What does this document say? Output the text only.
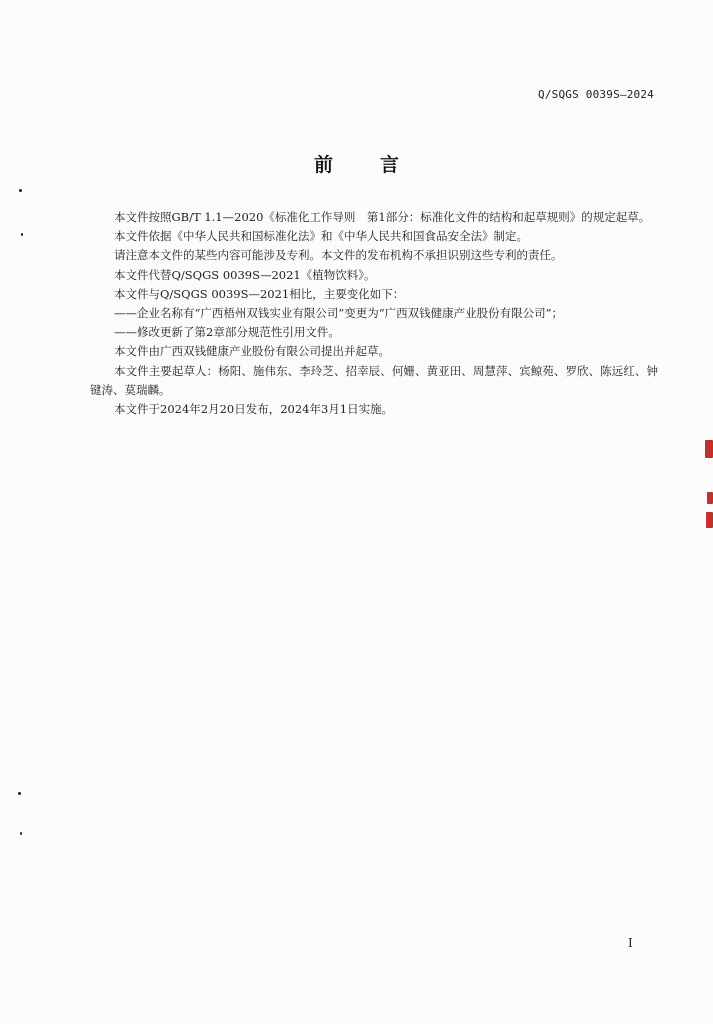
Q/SQGS 0039S—2024
前 言

本文件按照GB/T 1.1—2020《标准化工作导则　第1部分：标准化文件的结构和起草规则》的规定起草。

本文件依据《中华人民共和国标准化法》和《中华人民共和国食品安全法》制定。

请注意本文件的某些内容可能涉及专利。本文件的发布机构不承担识别这些专利的责任。

本文件代替Q/SQGS 0039S—2021《植物饮料》。

本文件与Q/SQGS 0039S—2021相比，主要变化如下：

——企业名称有“广西梧州双钱实业有限公司”变更为“广西双钱健康产业股份有限公司”；

——修改更新了第2章部分规范性引用文件。

本文件由广西双钱健康产业股份有限公司提出并起草。

本文件主要起草人：杨阳、施伟东、李玲芝、招幸辰、何姗、黄亚田、周慧萍、宾鲸苑、罗欣、陈远红、钟键涛、莫瑞麟。

本文件于2024年2月20日发布，2024年3月1日实施。

I
